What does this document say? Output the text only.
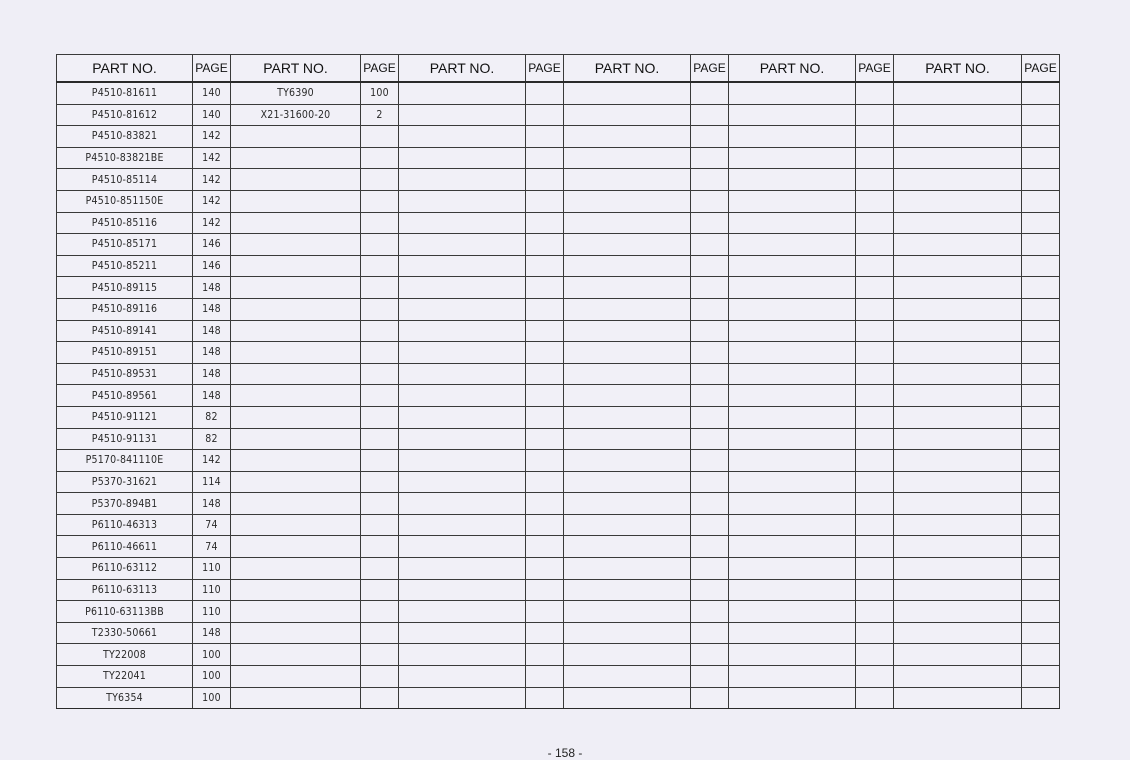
PART NO.	PAGE	PART NO.	PAGE	PART NO.	PAGE	PART NO.	PAGE	PART NO.	PAGE	PART NO.	PAGE
P4510-81611	140	TY6390	100								
P4510-81612	140	X21-31600-20	2								
P4510-83821	142										
P4510-83821BE	142										
P4510-85114	142										
P4510-851150E	142										
P4510-85116	142										
P4510-85171	146										
P4510-85211	146										
P4510-89115	148										
P4510-89116	148										
P4510-89141	148										
P4510-89151	148										
P4510-89531	148										
P4510-89561	148										
P4510-91121	82										
P4510-91131	82										
P5170-841110E	142										
P5370-31621	114										
P5370-894B1	148										
P6110-46313	74										
P6110-46611	74										
P6110-63112	110										
P6110-63113	110										
P6110-63113BB	110										
T2330-50661	148										
TY22008	100										
TY22041	100										
TY6354	100										
- 158 -
